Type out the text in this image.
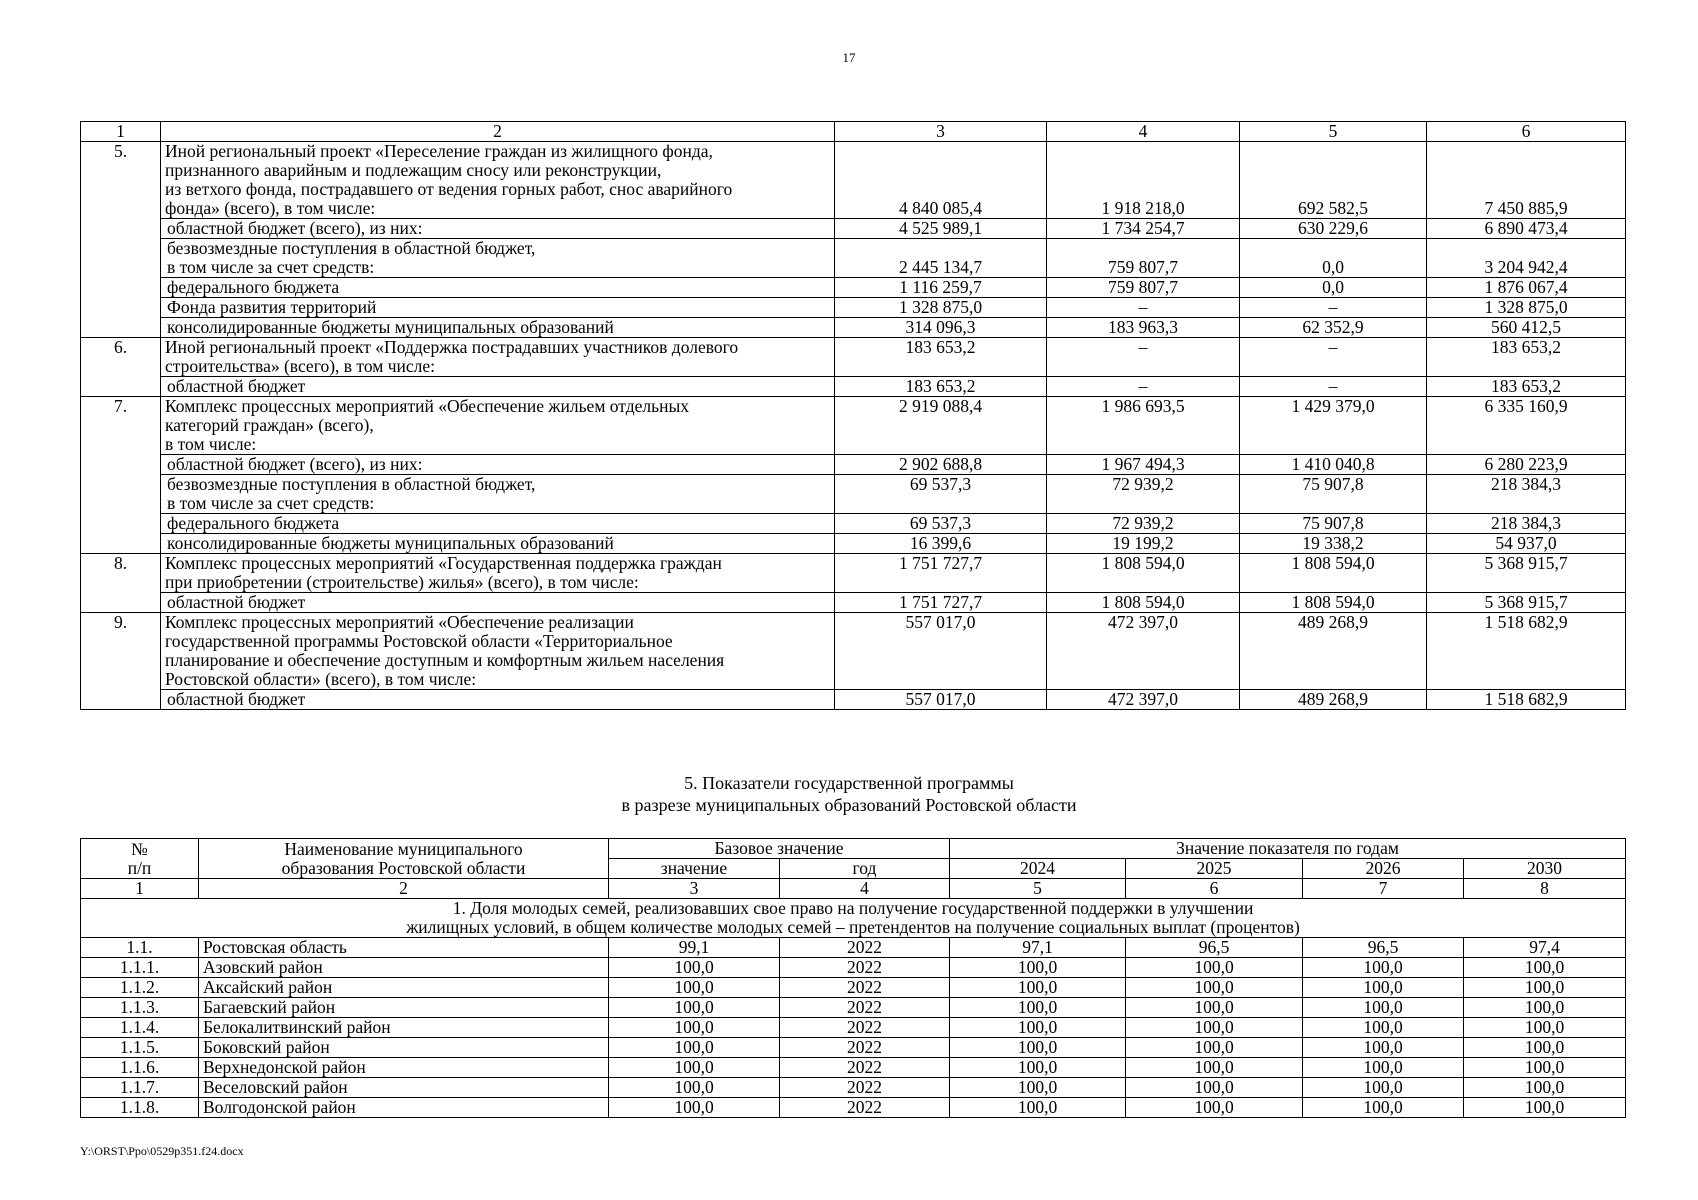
17
1	2	3	4	5	6
5.	Иной региональный проект «Переселение граждан из жилищного фонда,
признанного аварийным и подлежащим сносу или реконструкции,
из ветхого фонда, пострадавшего от ведения горных работ, снос аварийного
фонда» (всего), в том числе:	4 840 085,4	1 918 218,0	692 582,5	7 450 885,9
	областной бюджет (всего), из них:	4 525 989,1	1 734 254,7	630 229,6	6 890 473,4
	безвозмездные поступления в областной бюджет,
в том числе за счет средств:	2 445 134,7	759 807,7	0,0	3 204 942,4
	федерального бюджета	1 116 259,7	759 807,7	0,0	1 876 067,4
	Фонда развития территорий	1 328 875,0	–	–	1 328 875,0
	консолидированные бюджеты муниципальных образований	314 096,3	183 963,3	62 352,9	560 412,5
6.	Иной региональный проект «Поддержка пострадавших участников долевого
строительства» (всего), в том числе:	183 653,2	–	–	183 653,2
	областной бюджет	183 653,2	–	–	183 653,2
7.	Комплекс процессных мероприятий «Обеспечение жильем отдельных
категорий граждан» (всего),
в том числе:	2 919 088,4	1 986 693,5	1 429 379,0	6 335 160,9
	областной бюджет (всего), из них:	2 902 688,8	1 967 494,3	1 410 040,8	6 280 223,9
	безвозмездные поступления в областной бюджет,
в том числе за счет средств:	69 537,3	72 939,2	75 907,8	218 384,3
	федерального бюджета	69 537,3	72 939,2	75 907,8	218 384,3
	консолидированные бюджеты муниципальных образований	16 399,6	19 199,2	19 338,2	54 937,0
8.	Комплекс процессных мероприятий «Государственная поддержка граждан
при приобретении (строительстве) жилья» (всего), в том числе:	1 751 727,7	1 808 594,0	1 808 594,0	5 368 915,7
	областной бюджет	1 751 727,7	1 808 594,0	1 808 594,0	5 368 915,7
9.	Комплекс процессных мероприятий «Обеспечение реализации
государственной программы Ростовской области «Территориальное
планирование и обеспечение доступным и комфортным жильем населения
Ростовской области» (всего), в том числе:	557 017,0	472 397,0	489 268,9	1 518 682,9
	областной бюджет	557 017,0	472 397,0	489 268,9	1 518 682,9
5. Показатели государственной программы
в разрезе муниципальных образований Ростовской области
№
п/п	Наименование муниципального
образования Ростовской области	Базовое значение		Значение показателя по годам			
		значение	год	2024	2025	2026	2030
1	2	3	4	5	6	7	8
1. Доля молодых семей, реализовавших свое право на получение государственной поддержки в улучшении
жилищных условий, в общем количестве молодых семей – претендентов на получение социальных выплат (процентов)							
1.1.	Ростовская область	99,1	2022	97,1	96,5	96,5	97,4
1.1.1.	Азовский район	100,0	2022	100,0	100,0	100,0	100,0
1.1.2.	Аксайский район	100,0	2022	100,0	100,0	100,0	100,0
1.1.3.	Багаевский район	100,0	2022	100,0	100,0	100,0	100,0
1.1.4.	Белокалитвинский район	100,0	2022	100,0	100,0	100,0	100,0
1.1.5.	Боковский район	100,0	2022	100,0	100,0	100,0	100,0
1.1.6.	Верхнедонской район	100,0	2022	100,0	100,0	100,0	100,0
1.1.7.	Веселовский район	100,0	2022	100,0	100,0	100,0	100,0
1.1.8.	Волгодонской район	100,0	2022	100,0	100,0	100,0	100,0
Y:\ORST\Ppo\0529p351.f24.docx
